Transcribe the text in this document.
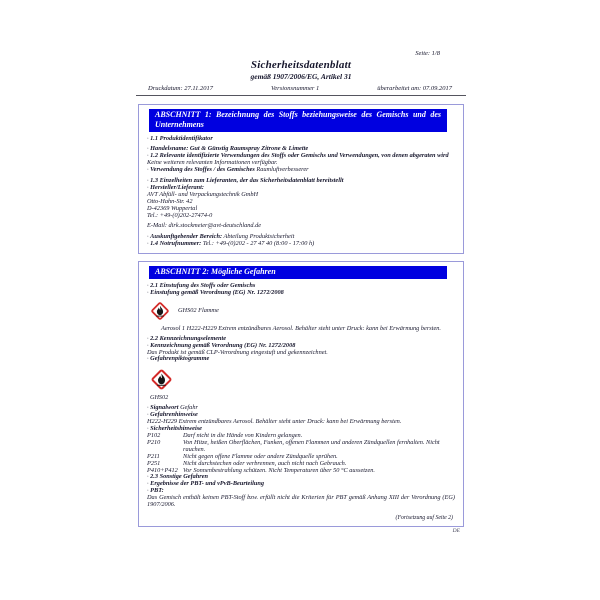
Seite: 1/8
Sicherheitsdatenblatt
gemäß 1907/2006/EG, Artikel 31
Druckdatum: 27.11.2017	Versionsnummer 1	überarbeitet am: 07.09.2017
ABSCHNITT 1: Bezeichnung des Stoffs beziehungsweise des Gemischs und des Unternehmens
· 1.1 Produktidentifikator
· Handelsname: Gut & Günstig Raumspray Zitrone & Limette
· 1.2 Relevante identifizierte Verwendungen des Stoffs oder Gemischs und Verwendungen, von denen abgeraten wird
Keine weiteren relevanten Informationen verfügbar.
· Verwendung des Stoffes / des Gemisches Raumluftverbesserer
· 1.3 Einzelheiten zum Lieferanten, der das Sicherheitsdatenblatt bereitstellt
· Hersteller/Lieferant:
AVT Abfüll- und Verpackungstechnik GmbH
Otto-Hahn-Str. 42
D-42369 Wuppertal
Tel.: +49-(0)202-27474-0
E-Mail: dirk.stockmeier@avt-deutschland.de
· Auskunftgebender Bereich: Abteilung Produktsicherheit
· 1.4 Notrufnummer: Tel.: +49-(0)202 - 27 47 40 (8:00 - 17:00 h)
ABSCHNITT 2: Mögliche Gefahren
· 2.1 Einstufung des Stoffs oder Gemischs
· Einstufung gemäß Verordnung (EG) Nr. 1272/2008
GHS02 Flamme
Aerosol 1 H222-H229 Extrem entzündbares Aerosol. Behälter steht unter Druck: kann bei Erwärmung bersten.
· 2.2 Kennzeichnungselemente
· Kennzeichnung gemäß Verordnung (EG) Nr. 1272/2008
Das Produkt ist gemäß CLP-Verordnung eingestuft und gekennzeichnet.
· Gefahrenpiktogramme
GHS02
· Signalwort Gefahr
· Gefahrenhinweise
H222-H229 Extrem entzündbares Aerosol. Behälter steht unter Druck: kann bei Erwärmung bersten.
· Sicherheitshinweise
P102	Darf nicht in die Hände von Kindern gelangen.
P210	Von Hitze, heißen Oberflächen, Funken, offenen Flammen und anderen Zündquellen fernhalten. Nicht rauchen.
P211	Nicht gegen offene Flamme oder andere Zündquelle sprühen.
P251	Nicht durchstechen oder verbrennen, auch nicht nach Gebrauch.
P410+P412 Vor Sonnenbestrahlung schützen. Nicht Temperaturen über 50 °C aussetzen.
· 2.3 Sonstige Gefahren
· Ergebnisse der PBT- und vPvB-Beurteilung
· PBT:
Das Gemisch enthält keinen PBT-Stoff bzw. erfüllt nicht die Kriterien für PBT gemäß Anhang XIII der Verordnung (EG) 1907/2006.
(Fortsetzung auf Seite 2)
DE
